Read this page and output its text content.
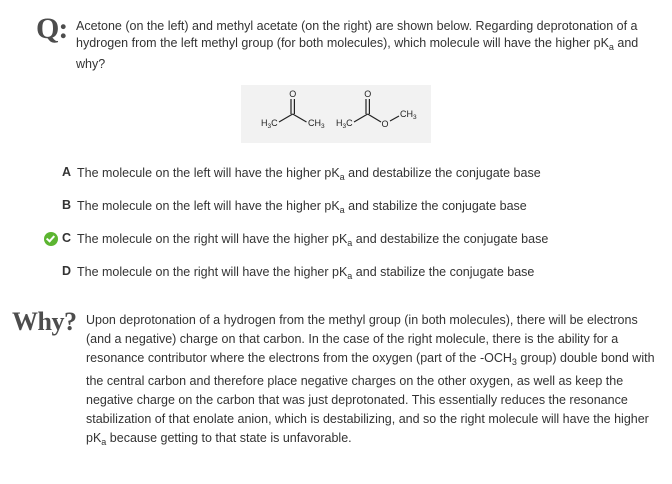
Q: Acetone (on the left) and methyl acetate (on the right) are shown below. Regarding deprotonation of a hydrogen from the left methyl group (for both molecules), which molecule will have the higher $pK_a$ and why?
O
$H_3C$	$CH_3$
O
O
$H_3C$
$CH_3$
A The molecule on the left will have the higher $pK_a$ and destabilize the conjugate base
B The molecule on the left will have the higher $pK_a$ and stabilize the conjugate base
C The molecule on the right will have the higher $pK_a$ and destabilize the conjugate base
D The molecule on the right will have the higher $pK_a$ and stabilize the conjugate base
Why? Upon deprotonation of a hydrogen from the methyl group (in both molecules), there will be electrons (and a negative) charge on that carbon. In the case of the right molecule, there is the ability for a resonance contributor where the electrons from the oxygen (part of the $-OCH_3$ group) double bond with the central carbon and therefore place negative charges on the other oxygen, as well as keep the negative charge on the carbon that was just deprotonated. This essentially reduces the resonance stabilization of that enolate anion, which is destabilizing, and so the right molecule will have the higher $pK_a$ because getting to that state is unfavorable.
